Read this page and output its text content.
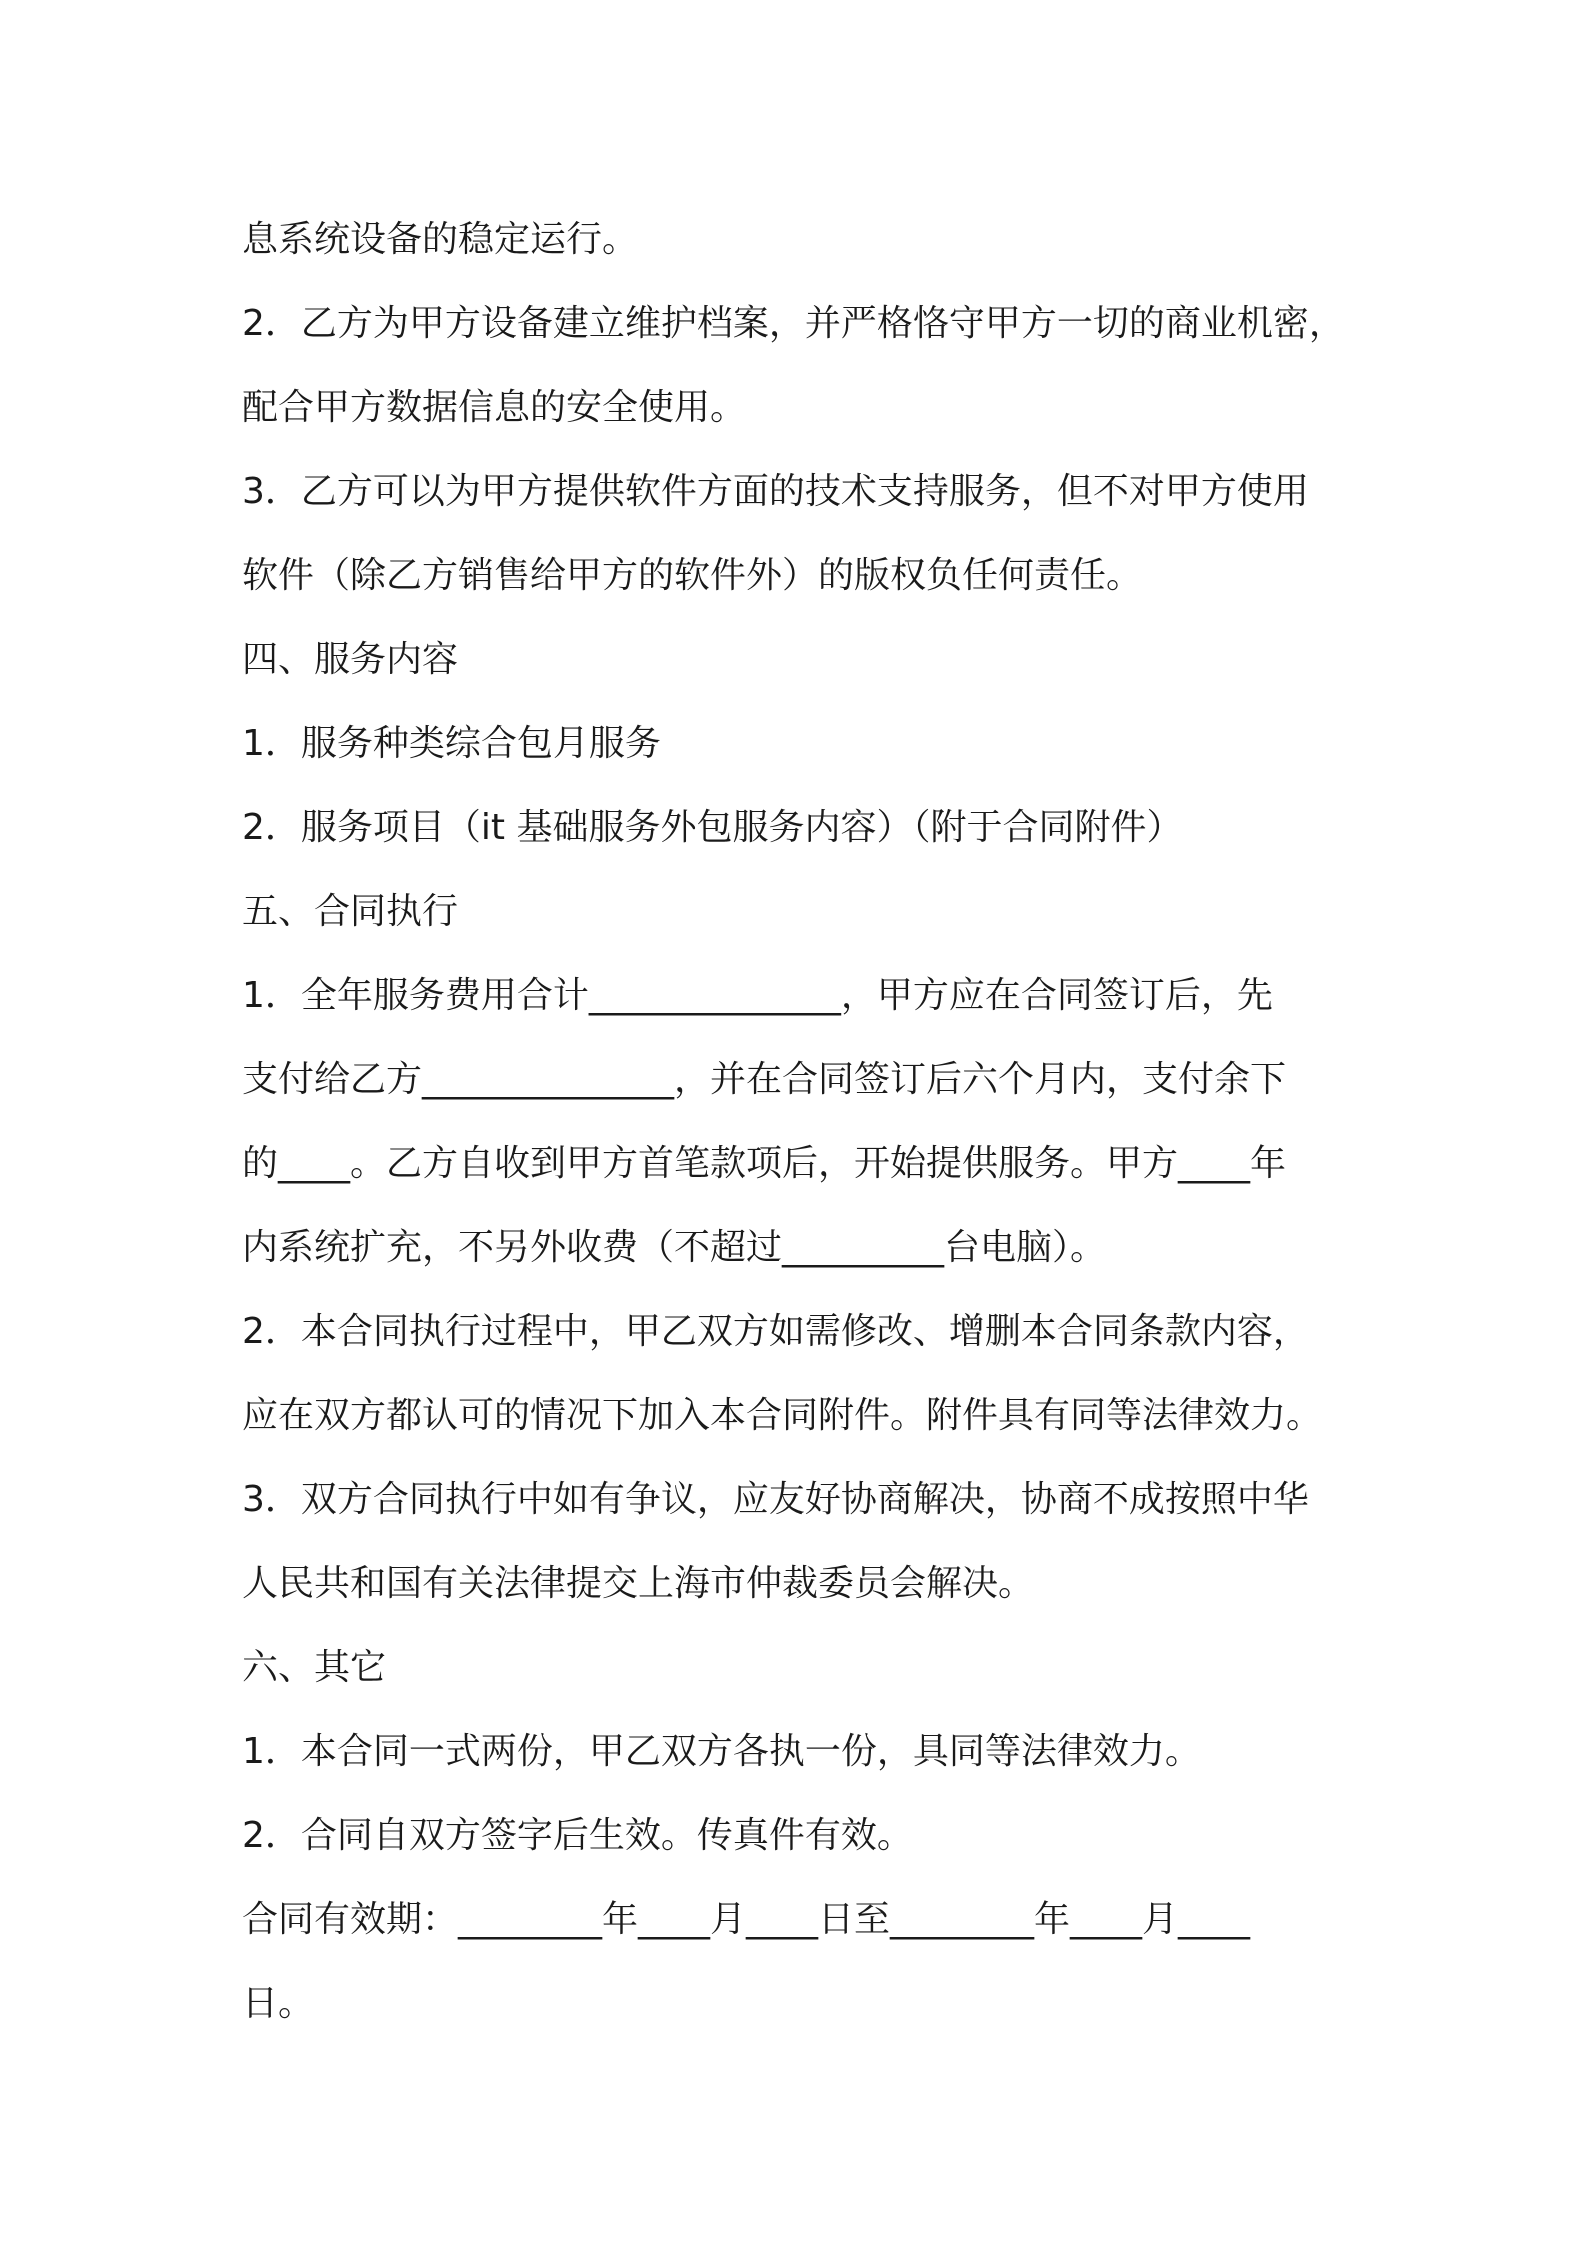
息系统设备的稳定运行。
2．乙方为甲方设备建立维护档案，并严格恪守甲方一切的商业机密，
配合甲方数据信息的安全使用。
3．乙方可以为甲方提供软件方面的技术支持服务，但不对甲方使用
软件（除乙方销售给甲方的软件外）的版权负任何责任。
四、服务内容
1．服务种类综合包月服务
2．服务项目（it 基础服务外包服务内容）（附于合同附件）
五、合同执行
1．全年服务费用合计______________，甲方应在合同签订后，先
支付给乙方______________，并在合同签订后六个月内，支付余下
的____。乙方自收到甲方首笔款项后，开始提供服务。甲方____年
内系统扩充，不另外收费（不超过_________台电脑）。
2．本合同执行过程中，甲乙双方如需修改、增删本合同条款内容，
应在双方都认可的情况下加入本合同附件。附件具有同等法律效力。
3．双方合同执行中如有争议，应友好协商解决，协商不成按照中华
人民共和国有关法律提交上海市仲裁委员会解决。
六、其它
1．本合同一式两份，甲乙双方各执一份，具同等法律效力。
2．合同自双方签字后生效。传真件有效。
合同有效期：________年____月____日至________年____月____
日。
